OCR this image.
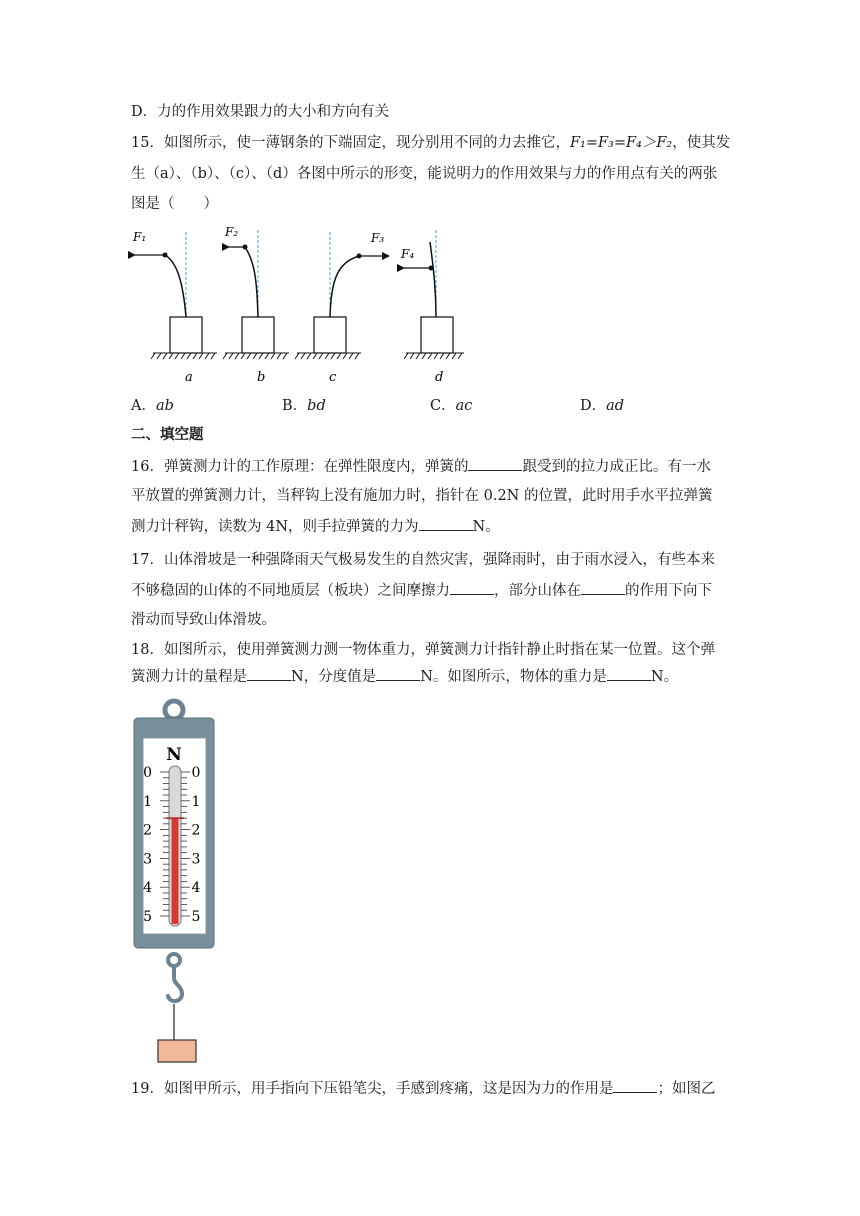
D．力的作用效果跟力的大小和方向有关
15．如图所示，使一薄钢条的下端固定，现分别用不同的力去推它，F₁=F₃=F₄＞F₂，使其发
生（a）、（b）、（c）、（d）各图中所示的形变，能说明力的作用效果与力的作用点有关的两张
图是（　　）
F₁	F₂	F₃
F₄
a	b	c	d
A．ab	B．bd	C．ac	D．ad
二、填空题
16．弹簧测力计的工作原理：在弹性限度内，弹簧的	跟受到的拉力成正比。有一水
平放置的弹簧测力计，当秤钩上没有施加力时，指针在 0.2N 的位置，此时用手水平拉弹簧
测力计秤钩，读数为 4N，则手拉弹簧的力为	N。
17．山体滑坡是一种强降雨天气极易发生的自然灾害，强降雨时，由于雨水浸入，有些本来
不够稳固的山体的不同地质层（板块）之间摩擦力	，部分山体在	的作用下向下
滑动而导致山体滑坡。
18．如图所示，使用弹簧测力测一物体重力，弹簧测力计指针静止时指在某一位置。这个弹
簧测力计的量程是	N，分度值是	N。如图所示，物体的重力是	N。
N
0
1
2
3
4
5
0
1
2
3
4
5
19．如图甲所示，用手指向下压铅笔尖，手感到疼痛，这是因为力的作用是	；如图乙
